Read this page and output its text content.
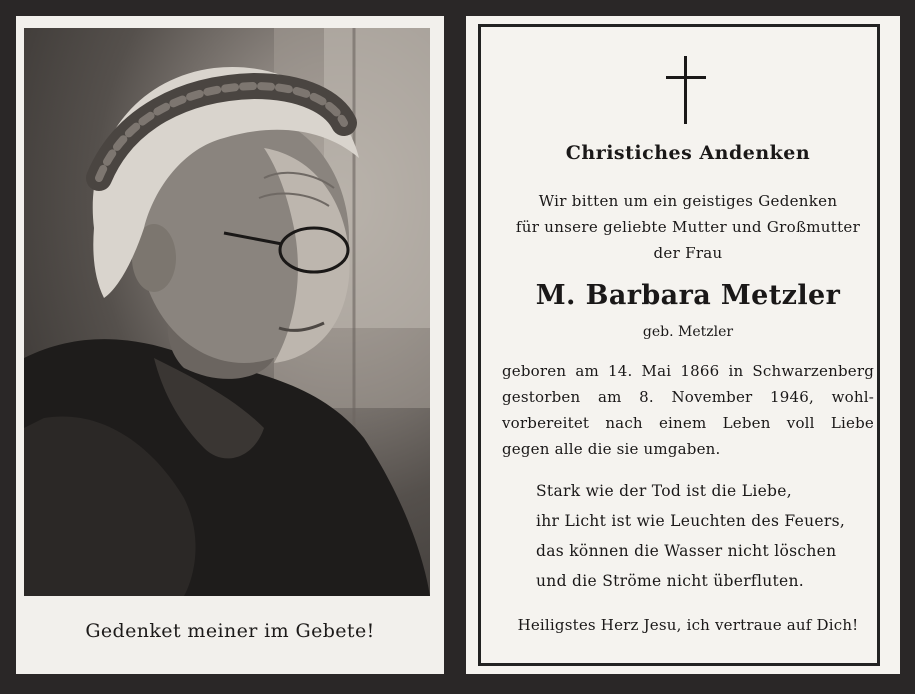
Gedenket meiner im Gebete!
Christiches Andenken
Wir bitten um ein geistiges Gedenken
für unsere geliebte Mutter und Großmutter
der Frau
M. Barbara Metzler
geb. Metzler
geboren am 14. Mai 1866 in Schwarzenberg
gestorben am 8. November 1946, wohl-
vorbereitet nach einem Leben voll Liebe
gegen alle die sie umgaben.
Stark wie der Tod ist die Liebe,
ihr Licht ist wie Leuchten des Feuers,
das können die Wasser nicht löschen
und die Ströme nicht überfluten.
Heiligstes Herz Jesu, ich vertraue auf Dich!
